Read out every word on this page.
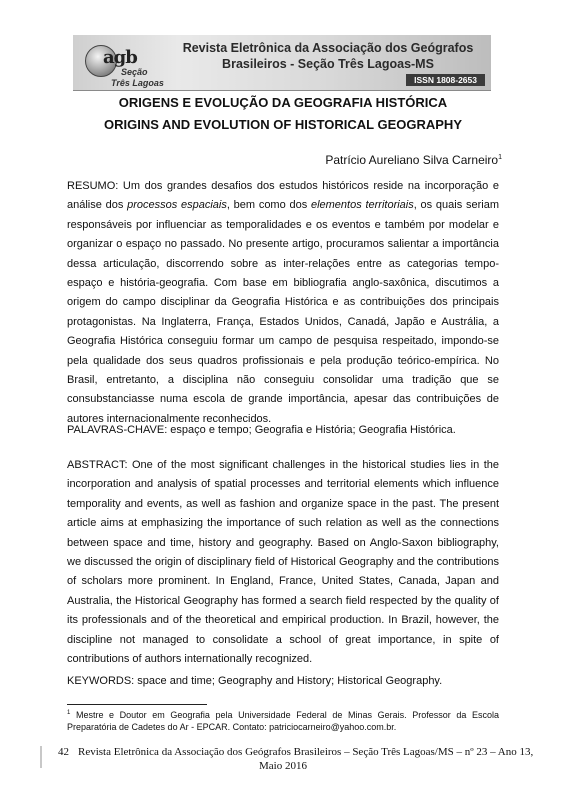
agb
Seção
Três Lagoas
Revista Eletrônica da Associação dos Geógrafos
Brasileiros - Seção Três Lagoas-MS
ISSN 1808-2653
ORIGENS E EVOLUÇÃO DA GEOGRAFIA HISTÓRICA
ORIGINS AND EVOLUTION OF HISTORICAL GEOGRAPHY
Patrício Aureliano Silva Carneiro$^1$
RESUMO: Um dos grandes desafios dos estudos históricos reside na incorporação e análise dos processos espaciais, bem como dos elementos territoriais, os quais seriam responsáveis por influenciar as temporalidades e os eventos e também por modelar e organizar o espaço no passado. No presente artigo, procuramos salientar a importância dessa articulação, discorrendo sobre as inter-relações entre as categorias tempo-espaço e história-geografia. Com base em bibliografia anglo-saxônica, discutimos a origem do campo disciplinar da Geografia Histórica e as contribuições dos principais protagonistas. Na Inglaterra, França, Estados Unidos, Canadá, Japão e Austrália, a Geografia Histórica conseguiu formar um campo de pesquisa respeitado, impondo-se pela qualidade dos seus quadros profissionais e pela produção teórico-empírica. No Brasil, entretanto, a disciplina não conseguiu consolidar uma tradição que se consubstanciasse numa escola de grande importância, apesar das contribuições de autores internacionalmente reconhecidos.
PALAVRAS-CHAVE: espaço e tempo; Geografia e História; Geografia Histórica.
ABSTRACT: One of the most significant challenges in the historical studies lies in the incorporation and analysis of spatial processes and territorial elements which influence temporality and events, as well as fashion and organize space in the past. The present article aims at emphasizing the importance of such relation as well as the connections between space and time, history and geography. Based on Anglo-Saxon bibliography, we discussed the origin of disciplinary field of Historical Geography and the contributions of scholars more prominent. In England, France, United States, Canada, Japan and Australia, the Historical Geography has formed a search field respected by the quality of its professionals and of the theoretical and empirical production. In Brazil, however, the discipline not managed to consolidate a school of great importance, in spite of contributions of authors internationally recognized.
KEYWORDS: space and time; Geography and History; Historical Geography.
$^1$ Mestre e Doutor em Geografia pela Universidade Federal de Minas Gerais. Professor da Escola Preparatória de Cadetes do Ar - EPCAR. Contato: patriciocarneiro@yahoo.com.br.
42 Revista Eletrônica da Associação dos Geógrafos Brasileiros – Seção Três Lagoas/MS – nº 23 – Ano 13,
Maio 2016
